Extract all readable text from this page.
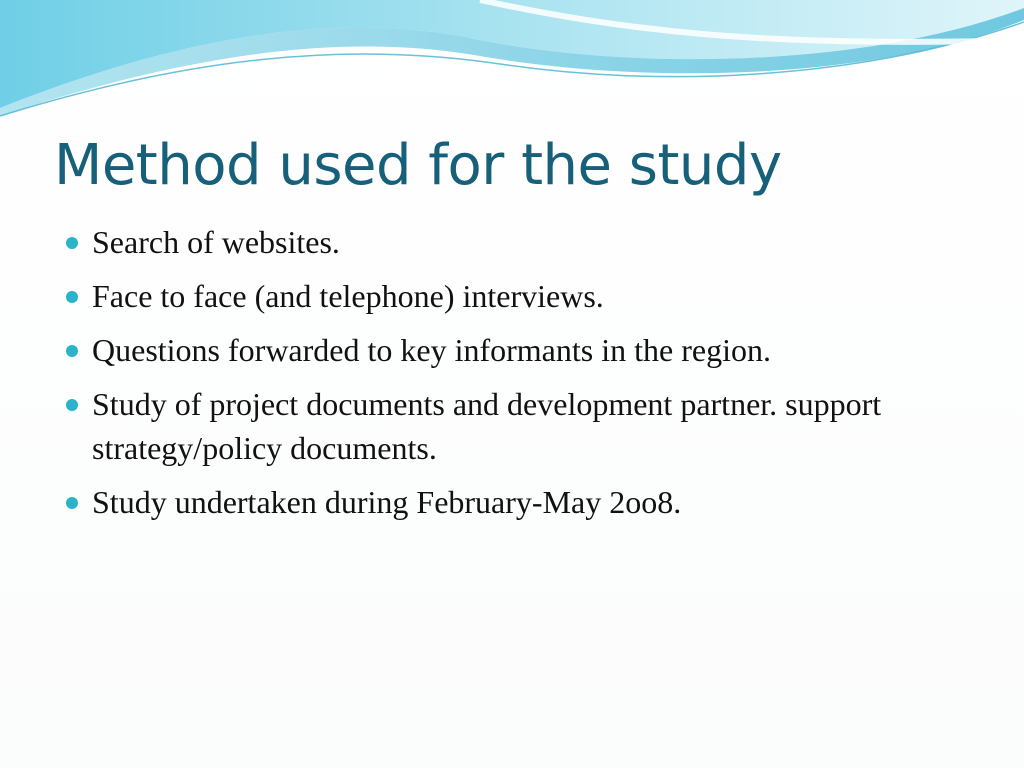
Method used for the study
Search of websites.
Face to face (and telephone) interviews.
Questions forwarded to key informants in the region.
Study of project documents and development partner. support strategy/policy documents.
Study undertaken during February-May 2oo8.
